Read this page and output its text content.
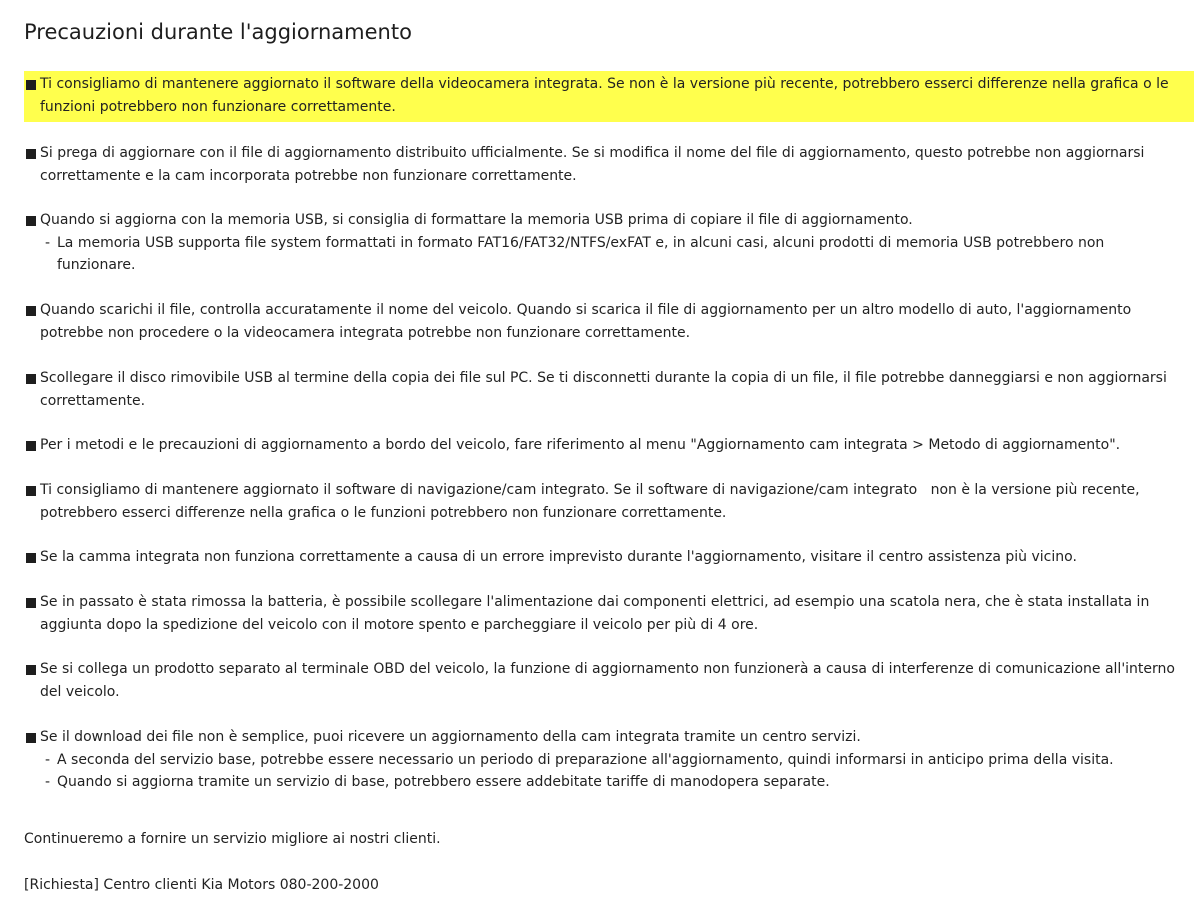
Precauzioni durante l'aggiornamento
Ti consigliamo di mantenere aggiornato il software della videocamera integrata. Se non è la versione più recente, potrebbero esserci differenze nella grafica o le
funzioni potrebbero non funzionare correttamente.
Si prega di aggiornare con il file di aggiornamento distribuito ufficialmente. Se si modifica il nome del file di aggiornamento, questo potrebbe non aggiornarsi
correttamente e la cam incorporata potrebbe non funzionare correttamente.
Quando si aggiorna con la memoria USB, si consiglia di formattare la memoria USB prima di copiare il file di aggiornamento.
- La memoria USB supporta file system formattati in formato FAT16/FAT32/NTFS/exFAT e, in alcuni casi, alcuni prodotti di memoria USB potrebbero non
funzionare.
Quando scarichi il file, controlla accuratamente il nome del veicolo. Quando si scarica il file di aggiornamento per un altro modello di auto, l'aggiornamento
potrebbe non procedere o la videocamera integrata potrebbe non funzionare correttamente.
Scollegare il disco rimovibile USB al termine della copia dei file sul PC. Se ti disconnetti durante la copia di un file, il file potrebbe danneggiarsi e non aggiornarsi
correttamente.
Per i metodi e le precauzioni di aggiornamento a bordo del veicolo, fare riferimento al menu "Aggiornamento cam integrata > Metodo di aggiornamento".
Ti consigliamo di mantenere aggiornato il software di navigazione/cam integrato. Se il software di navigazione/cam integrato   non è la versione più recente,
potrebbero esserci differenze nella grafica o le funzioni potrebbero non funzionare correttamente.
Se la camma integrata non funziona correttamente a causa di un errore imprevisto durante l'aggiornamento, visitare il centro assistenza più vicino.
Se in passato è stata rimossa la batteria, è possibile scollegare l'alimentazione dai componenti elettrici, ad esempio una scatola nera, che è stata installata in
aggiunta dopo la spedizione del veicolo con il motore spento e parcheggiare il veicolo per più di 4 ore.
Se si collega un prodotto separato al terminale OBD del veicolo, la funzione di aggiornamento non funzionerà a causa di interferenze di comunicazione all'interno
del veicolo.
Se il download dei file non è semplice, puoi ricevere un aggiornamento della cam integrata tramite un centro servizi.
- A seconda del servizio base, potrebbe essere necessario un periodo di preparazione all'aggiornamento, quindi informarsi in anticipo prima della visita.
- Quando si aggiorna tramite un servizio di base, potrebbero essere addebitate tariffe di manodopera separate.
Continueremo a fornire un servizio migliore ai nostri clienti.
[Richiesta] Centro clienti Kia Motors 080-200-2000
